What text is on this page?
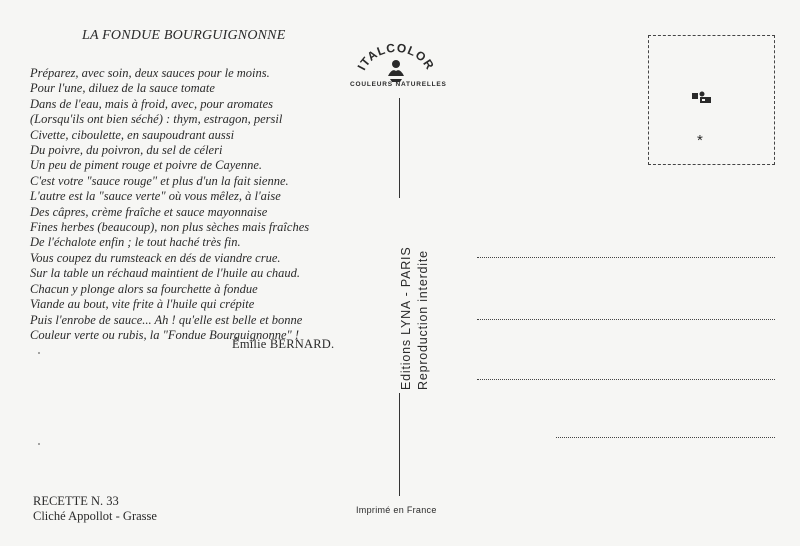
LA FONDUE BOURGUIGNONNE
Préparez, avec soin, deux sauces pour le moins.
Pour l'une, diluez de la sauce tomate
Dans de l'eau, mais à froid, avec, pour aromates
(Lorsqu'ils ont bien séché) : thym, estragon, persil
Civette, ciboulette, en saupoudrant aussi
Du poivre, du poivron, du sel de céleri
Un peu de piment rouge et poivre de Cayenne.
C'est votre "sauce rouge" et plus d'un la fait sienne.
L'autre est la "sauce verte" où vous mêlez, à l'aise
Des câpres, crème fraîche et sauce mayonnaise
Fines herbes (beaucoup), non plus sèches mais fraîches
De l'échalote enfin ; le tout haché très fin.
Vous coupez du rumsteack en dés de viandre crue.
Sur la table un réchaud maintient de l'huile au chaud.
Chacun y plonge alors sa fourchette à fondue
Viande au bout, vite frite à l'huile qui crépite
Puis l'enrobe de sauce... Ah ! qu'elle est belle et bonne
Couleur verte ou rubis, la "Fondue Bourguignonne" !
Émilie BERNARD.
ITALCOLOR
COULEURS NATURELLES
Editions LYNA - PARIS Reproduction interdite
*
RECETTE N. 33
Cliché Appollot - Grasse	Imprimé en France
